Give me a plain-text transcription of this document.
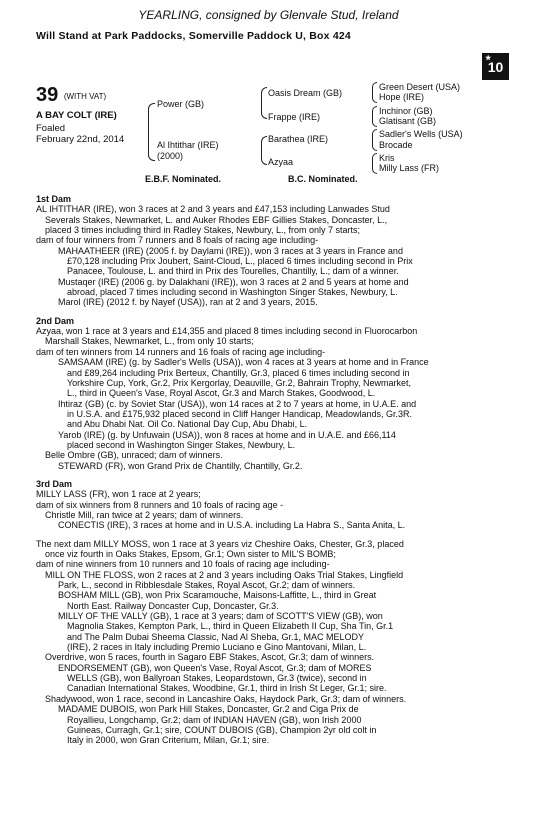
YEARLING, consigned by Glenvale Stud, Ireland
Will Stand at Park Paddocks, Somerville Paddock U, Box 424
★
10
39 (WITH VAT)
A BAY COLT (IRE)
Foaled
February 22nd, 2014
Power (GB)
Al Ihtithar (IRE)
(2000)
Oasis Dream (GB)
Frappe (IRE)
Barathea (IRE)
Azyaa
Green Desert (USA)
Hope (IRE)
Inchinor (GB)
Glatisant (GB)
Sadler's Wells (USA)
Brocade
Kris
Milly Lass (FR)
E.B.F. Nominated.	B.C. Nominated.
1st Dam
AL IHTITHAR (IRE), won 3 races at 2 and 3 years and £47,153 including Lanwades Stud
Severals Stakes, Newmarket, L. and Auker Rhodes EBF Gillies Stakes, Doncaster, L.,
placed 3 times including third in Radley Stakes, Newbury, L., from only 7 starts;
dam of four winners from 7 runners and 8 foals of racing age including-
MAHAATHEER (IRE) (2005 f. by Daylami (IRE)), won 3 races at 3 years in France and
£70,128 including Prix Joubert, Saint-Cloud, L., placed 6 times including second in Prix
Panacee, Toulouse, L. and third in Prix des Tourelles, Chantilly, L.; dam of a winner.
Mustaqer (IRE) (2006 g. by Dalakhani (IRE)), won 3 races at 2 and 5 years at home and
abroad, placed 7 times including second in Washington Singer Stakes, Newbury, L.
Marol (IRE) (2012 f. by Nayef (USA)), ran at 2 and 3 years, 2015.
2nd Dam
Azyaa, won 1 race at 3 years and £14,355 and placed 8 times including second in Fluorocarbon
Marshall Stakes, Newmarket, L., from only 10 starts;
dam of ten winners from 14 runners and 16 foals of racing age including-
SAMSAAM (IRE) (g. by Sadler's Wells (USA)), won 4 races at 3 years at home and in France
and £89,264 including Prix Berteux, Chantilly, Gr.3, placed 6 times including second in
Yorkshire Cup, York, Gr.2, Prix Kergorlay, Deauville, Gr.2, Bahrain Trophy, Newmarket,
L., third in Queen's Vase, Royal Ascot, Gr.3 and March Stakes, Goodwood, L.
Ihtiraz (GB) (c. by Soviet Star (USA)), won 14 races at 2 to 7 years at home, in U.A.E. and
in U.S.A. and £175,932 placed second in Cliff Hanger Handicap, Meadowlands, Gr.3R.
and Abu Dhabi Nat. Oil Co. National Day Cup, Abu Dhabi, L.
Yarob (IRE) (g. by Unfuwain (USA)), won 8 races at home and in U.A.E. and £66,114
placed second in Washington Singer Stakes, Newbury, L.
Belle Ombre (GB), unraced; dam of winners.
STEWARD (FR), won Grand Prix de Chantilly, Chantilly, Gr.2.
3rd Dam
MILLY LASS (FR), won 1 race at 2 years;
dam of six winners from 8 runners and 10 foals of racing age -
Christle Mill, ran twice at 2 years; dam of winners.
CONECTIS (IRE), 3 races at home and in U.S.A. including La Habra S., Santa Anita, L.
The next dam MILLY MOSS, won 1 race at 3 years viz Cheshire Oaks, Chester, Gr.3, placed
once viz fourth in Oaks Stakes, Epsom, Gr.1; Own sister to MIL'S BOMB;
dam of nine winners from 10 runners and 10 foals of racing age including-
MILL ON THE FLOSS, won 2 races at 2 and 3 years including Oaks Trial Stakes, Lingfield
Park, L., second in Ribblesdale Stakes, Royal Ascot, Gr.2; dam of winners.
BOSHAM MILL (GB), won Prix Scaramouche, Maisons-Laffitte, L., third in Great
North East. Railway Doncaster Cup, Doncaster, Gr.3.
MILLY OF THE VALLY (GB), 1 race at 3 years; dam of SCOTT'S VIEW (GB), won
Magnolia Stakes, Kempton Park, L., third in Queen Elizabeth II Cup, Sha Tin, Gr.1
and The Palm Dubai Sheema Classic, Nad Al Sheba, Gr.1, MAC MELODY
(IRE), 2 races in Italy including Premio Luciano e Gino Mantovani, Milan, L.
Overdrive, won 5 races, fourth in Sagaro EBF Stakes, Ascot, Gr.3; dam of winners.
ENDORSEMENT (GB), won Queen's Vase, Royal Ascot, Gr.3; dam of MORES
WELLS (GB), won Ballyroan Stakes, Leopardstown, Gr.3 (twice), second in
Canadian International Stakes, Woodbine, Gr.1, third in Irish St Leger, Gr.1; sire.
Shadywood, won 1 race, second in Lancashire Oaks, Haydock Park, Gr.3; dam of winners.
MADAME DUBOIS, won Park Hill Stakes, Doncaster, Gr.2 and Ciga Prix de
Royallieu, Longchamp, Gr.2; dam of INDIAN HAVEN (GB), won Irish 2000
Guineas, Curragh, Gr.1; sire, COUNT DUBOIS (GB), Champion 2yr old colt in
Italy in 2000, won Gran Criterium, Milan, Gr.1; sire.
